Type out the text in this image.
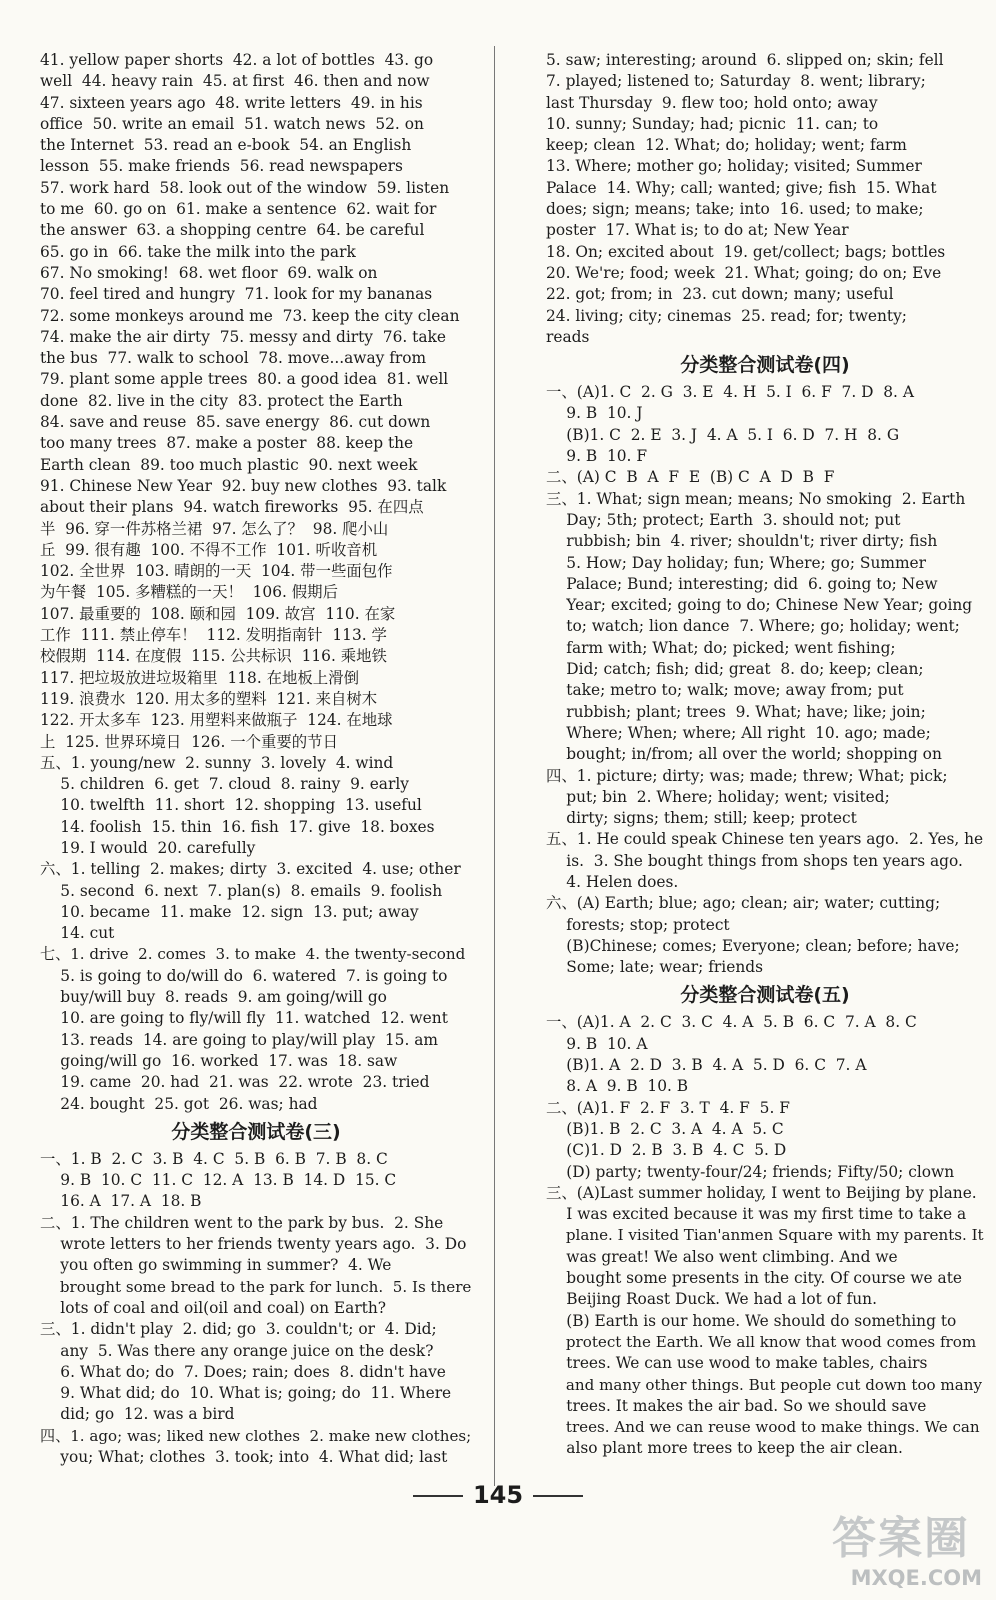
41. yellow paper shorts  42. a lot of bottles  43. go
well  44. heavy rain  45. at first  46. then and now
47. sixteen years ago  48. write letters  49. in his
office  50. write an email  51. watch news  52. on
the Internet  53. read an e-book  54. an English
lesson  55. make friends  56. read newspapers
57. work hard  58. look out of the window  59. listen
to me  60. go on  61. make a sentence  62. wait for
the answer  63. a shopping centre  64. be careful
65. go in  66. take the milk into the park
67. No smoking!  68. wet floor  69. walk on
70. feel tired and hungry  71. look for my bananas
72. some monkeys around me  73. keep the city clean
74. make the air dirty  75. messy and dirty  76. take
the bus  77. walk to school  78. move...away from
79. plant some apple trees  80. a good idea  81. well
done  82. live in the city  83. protect the Earth
84. save and reuse  85. save energy  86. cut down
too many trees  87. make a poster  88. keep the
Earth clean  89. too much plastic  90. next week
91. Chinese New Year  92. buy new clothes  93. talk
about their plans  94. watch fireworks  95. 在四点
半  96. 穿一件苏格兰裙  97. 怎么了？  98. 爬小山
丘  99. 很有趣  100. 不得不工作  101. 听收音机
102. 全世界  103. 晴朗的一天  104. 带一些面包作
为午餐  105. 多糟糕的一天！  106. 假期后
107. 最重要的  108. 颐和园  109. 故宫  110. 在家
工作  111. 禁止停车！  112. 发明指南针  113. 学
校假期  114. 在度假  115. 公共标识  116. 乘地铁
117. 把垃圾放进垃圾箱里  118. 在地板上滑倒
119. 浪费水  120. 用太多的塑料  121. 来自树木
122. 开太多车  123. 用塑料来做瓶子  124. 在地球
上  125. 世界环境日  126. 一个重要的节日
五、1. young/new  2. sunny  3. lovely  4. wind
　 5. children  6. get  7. cloud  8. rainy  9. early
　 10. twelfth  11. short  12. shopping  13. useful
　 14. foolish  15. thin  16. fish  17. give  18. boxes
　 19. I would  20. carefully
六、1. telling  2. makes; dirty  3. excited  4. use; other
　 5. second  6. next  7. plan(s)  8. emails  9. foolish
　 10. became  11. make  12. sign  13. put; away
　 14. cut
七、1. drive  2. comes  3. to make  4. the twenty-second
　 5. is going to do/will do  6. watered  7. is going to
　 buy/will buy  8. reads  9. am going/will go
　 10. are going to fly/will fly  11. watched  12. went
　 13. reads  14. are going to play/will play  15. am
　 going/will go  16. worked  17. was  18. saw
　 19. came  20. had  21. was  22. wrote  23. tried
　 24. bought  25. got  26. was; had
分类整合测试卷(三)
一、1. B  2. C  3. B  4. C  5. B  6. B  7. B  8. C
　 9. B  10. C  11. C  12. A  13. B  14. D  15. C
　 16. A  17. A  18. B
二、1. The children went to the park by bus.  2. She
　 wrote letters to her friends twenty years ago.  3. Do
　 you often go swimming in summer?  4. We
　 brought some bread to the park for lunch.  5. Is there
　 lots of coal and oil(oil and coal) on Earth?
三、1. didn't play  2. did; go  3. couldn't; or  4. Did;
　 any  5. Was there any orange juice on the desk?
　 6. What do; do  7. Does; rain; does  8. didn't have
　 9. What did; do  10. What is; going; do  11. Where
　 did; go  12. was a bird
四、1. ago; was; liked new clothes  2. make new clothes;
　 you; What; clothes  3. took; into  4. What did; last
5. saw; interesting; around  6. slipped on; skin; fell
7. played; listened to; Saturday  8. went; library;
last Thursday  9. flew too; hold onto; away
10. sunny; Sunday; had; picnic  11. can; to
keep; clean  12. What; do; holiday; went; farm
13. Where; mother go; holiday; visited; Summer
Palace  14. Why; call; wanted; give; fish  15. What
does; sign; means; take; into  16. used; to make;
poster  17. What is; to do at; New Year
18. On; excited about  19. get/collect; bags; bottles
20. We're; food; week  21. What; going; do on; Eve
22. got; from; in  23. cut down; many; useful
24. living; city; cinemas  25. read; for; twenty;
reads
分类整合测试卷(四)
一、(A)1. C  2. G  3. E  4. H  5. I  6. F  7. D  8. A
　 9. B  10. J
　 (B)1. C  2. E  3. J  4. A  5. I  6. D  7. H  8. G
　 9. B  10. F
二、(A) C  B  A  F  E  (B) C  A  D  B  F
三、1. What; sign mean; means; No smoking  2. Earth
　 Day; 5th; protect; Earth  3. should not; put
　 rubbish; bin  4. river; shouldn't; river dirty; fish
　 5. How; Day holiday; fun; Where; go; Summer
　 Palace; Bund; interesting; did  6. going to; New
　 Year; excited; going to do; Chinese New Year; going
　 to; watch; lion dance  7. Where; go; holiday; went;
　 farm with; What; do; picked; went fishing;
　 Did; catch; fish; did; great  8. do; keep; clean;
　 take; metro to; walk; move; away from; put
　 rubbish; plant; trees  9. What; have; like; join;
　 Where; When; where; All right  10. ago; made;
　 bought; in/from; all over the world; shopping on
四、1. picture; dirty; was; made; threw; What; pick;
　 put; bin  2. Where; holiday; went; visited;
　 dirty; signs; them; still; keep; protect
五、1. He could speak Chinese ten years ago.  2. Yes, he
　 is.  3. She bought things from shops ten years ago.
　 4. Helen does.
六、(A) Earth; blue; ago; clean; air; water; cutting;
　 forests; stop; protect
　 (B)Chinese; comes; Everyone; clean; before; have;
　 Some; late; wear; friends
分类整合测试卷(五)
一、(A)1. A  2. C  3. C  4. A  5. B  6. C  7. A  8. C
　 9. B  10. A
　 (B)1. A  2. D  3. B  4. A  5. D  6. C  7. A
　 8. A  9. B  10. B
二、(A)1. F  2. F  3. T  4. F  5. F
　 (B)1. B  2. C  3. A  4. A  5. C
　 (C)1. D  2. B  3. B  4. C  5. D
　 (D) party; twenty-four/24; friends; Fifty/50; clown
三、(A)Last summer holiday, I went to Beijing by plane.
　 I was excited because it was my first time to take a
　 plane. I visited Tian'anmen Square with my parents. It
　 was great! We also went climbing. And we
　 bought some presents in the city. Of course we ate
　 Beijing Roast Duck. We had a lot of fun.
　 (B) Earth is our home. We should do something to
　 protect the Earth. We all know that wood comes from
　 trees. We can use wood to make tables, chairs
　 and many other things. But people cut down too many
　 trees. It makes the air bad. So we should save
　 trees. And we can reuse wood to make things. We can
　 also plant more trees to keep the air clean.
145
答案圈
MXQE.COM
